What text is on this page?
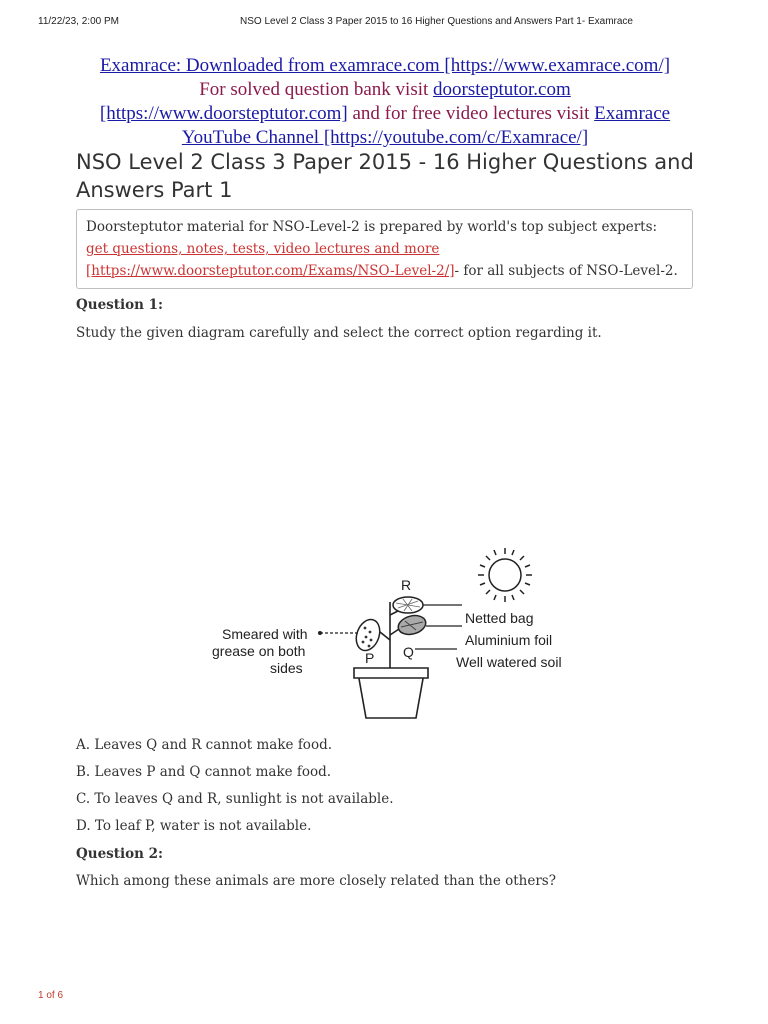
11/22/23, 2:00 PM	NSO Level 2 Class 3 Paper 2015 to 16 Higher Questions and Answers Part 1- Examrace
Examrace: Downloaded from examrace.com [https://www.examrace.com/]
For solved question bank visit doorsteptutor.com
[https://www.doorsteptutor.com] and for free video lectures visit Examrace
YouTube Channel [https://youtube.com/c/Examrace/]
NSO Level 2 Class 3 Paper 2015 - 16 Higher Questions and Answers Part 1
Doorsteptutor material for NSO-Level-2 is prepared by world's top subject experts: get questions, notes, tests, video lectures and more [https://www.doorsteptutor.com/Exams/NSO-Level-2/]- for all subjects of NSO-Level-2.
Question 1:
Study the given diagram carefully and select the correct option regarding it.
Smeared with
grease on both
sides
R
P Q
Netted bag
Aluminium foil
Well watered soil
A. Leaves Q and R cannot make food.
B. Leaves P and Q cannot make food.
C. To leaves Q and R, sunlight is not available.
D. To leaf P, water is not available.
Question 2:
Which among these animals are more closely related than the others?
1 of 6
